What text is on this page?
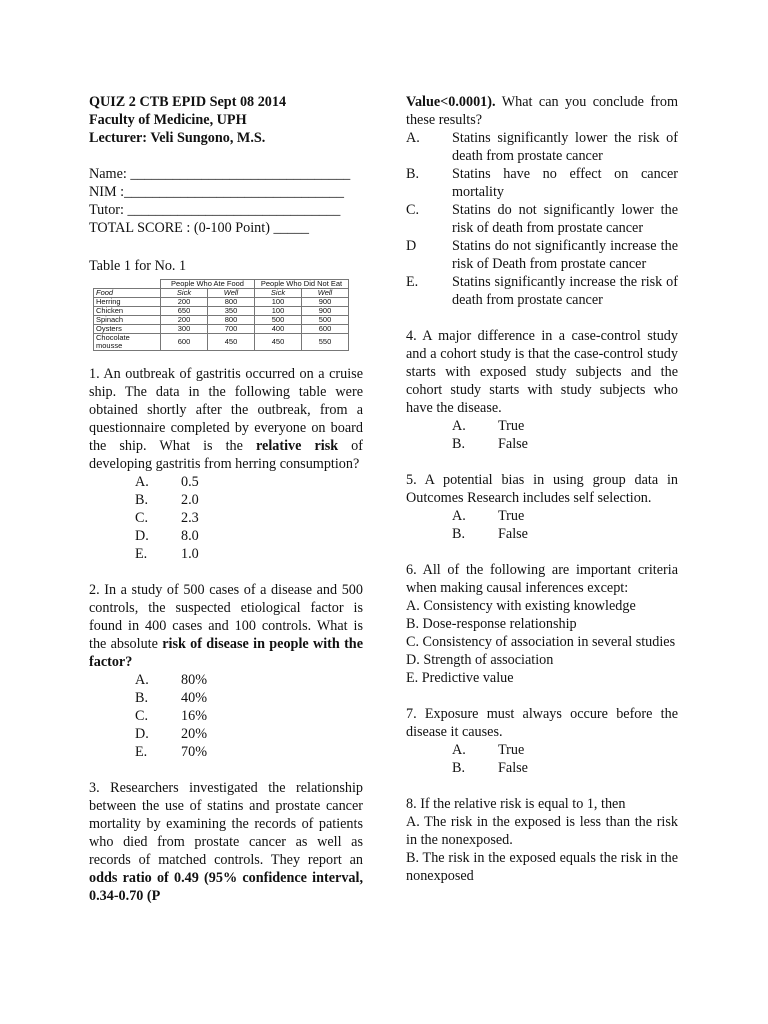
QUIZ 2 CTB EPID Sept 08 2014

Faculty of Medicine, UPH

Lecturer: Veli Sungono, M.S.

Name: _______________________________

NIM :_______________________________

Tutor: ______________________________

TOTAL SCORE : (0-100 Point) _____

Table 1 for No. 1

	People Who Ate Food		People Who Did Not Eat	
Food	Sick	Well	Sick	Well
Herring	200	800	100	900
Chicken	650	350	100	900
Spinach	200	800	500	500
Oysters	300	700	400	600
Chocolate mousse	600	450	450	550

1. An outbreak of gastritis occurred on a cruise ship. The data in the following table were obtained shortly after the outbreak, from a questionnaire completed by everyone on board the ship. What is the relative risk of developing gastritis from herring consumption?

A.	0.5
B.	2.0
C.	2.3
D.	8.0
E.	1.0

2. In a study of 500 cases of a disease and 500 controls, the suspected etiological factor is found in 400 cases and 100 controls. What is the absolute risk of disease in people with the factor?

A.	80%
B.	40%
C.	16%
D.	20%
E.	70%

3. Researchers investigated the relationship between the use of statins and prostate cancer mortality by examining the records of patients who died from prostate cancer as well as records of matched controls. They report an odds ratio of 0.49 (95% confidence interval, 0.34-0.70 (P

Value<0.0001). What can you conclude from these results?

A.	Statins significantly lower the risk of death from prostate cancer
B.	Statins have no effect on cancer mortality
C.	Statins do not significantly lower the risk of death from prostate cancer
D	Statins do not significantly increase the risk of Death from prostate cancer
E.	Statins significantly increase the risk of death from prostate cancer

4. A major difference in a case-control study and a cohort study is that the case-control study starts with exposed study subjects and the cohort study starts with study subjects who have the disease.

A.	True
B.	False

5. A potential bias in using group data in Outcomes Research includes self selection.

A.	True
B.	False

6. All of the following are important criteria when making causal inferences except:

A. Consistency with existing knowledge

B. Dose-response relationship

C. Consistency of association in several studies

D. Strength of association

E. Predictive value

7. Exposure must always occure before the disease it causes.

A.	True
B.	False

8. If the relative risk is equal to 1, then

A. The risk in the exposed is less than the risk in the nonexposed.

B. The risk in the exposed equals the risk in the nonexposed
